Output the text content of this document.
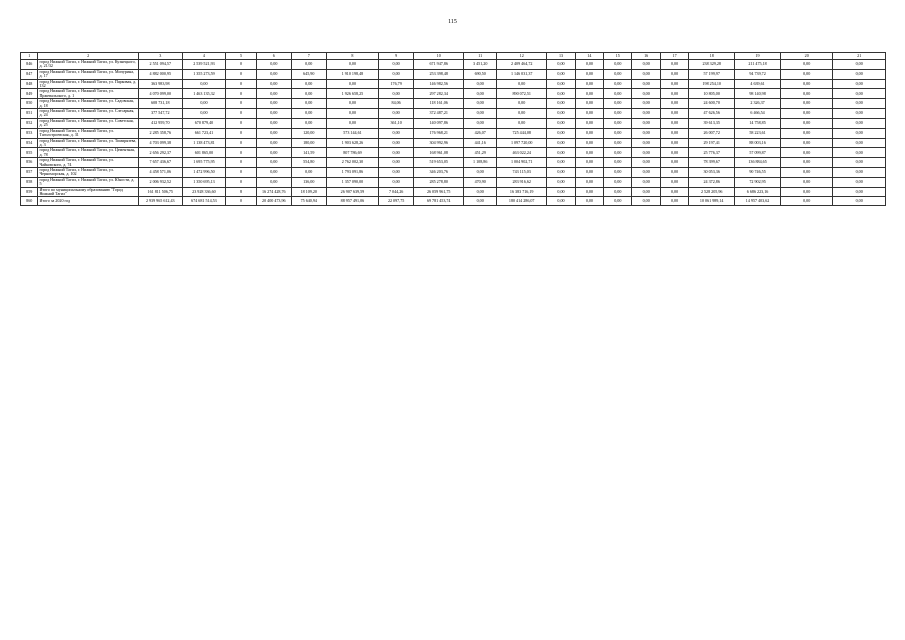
115
1	2	3	4	5	6	7	8	9	10	11	12	13	14	15	16	17	18	19	20	21
846	город Нижний Тагил, г. Нижний Тагил, ул. Кузнецкого, д. 21/32	2 551 094,57	2 539 521,93	0	0,00	0,00	0,00	0,00	671 947,86	3 451,20	2 409 464,72	0,00	0,00	0,00	0,00	0,00	238 329,28	211 475,18	0,00	0,00
847	город Нижний Тагил, г. Нижний Тагил, ул. Мичурина, д. 17	4 882 000,95	1 355 273,59	0	0,00	645,90	1 910 198,48	0,00	253 398,48	690,50	1 146 031,37	0,00	0,00	0,00	0,00	0,00	57 199,97	94 739,72	0,00	0,00
848	город Нижний Тагил, г. Нижний Тагил, ул. Парковая, д. 132	363 983,98	0,00	0	0,00	0,00	0,00	176,79	146 982,56	0,00	0,00	0,00	0,00	0,00	0,00	0,00	198 254,10	4 639,61	0,00	0,00
849	город Нижний Тагил, г. Нижний Тагил, ул. Пржевальского, д. 1	4 070 099,00	1 463 135,32	0	0,00	0,00	1 926 658,25	0,00	297 282,34	0,00	890 072,51	0,00	0,00	0,00	0,00	0,00	10 805,00	98 140,98	0,00	0,00
850	город Нижний Тагил, г. Нижний Тагил, ул. Садовская, д. 18	608 731,18	0,00	0	0,00	0,00	0,00	84,06	118 161,06	0,00	0,00	0,00	0,00	0,00	0,00	0,00	24 600,70	2 326,37	0,00	0,00
851	город Нижний Тагил, г. Нижний Тагил, ул. Слесарная, д. 24	377 547,72	0,00	0	0,00	0,00	0,00	0,00	372 487,21	0,00	0,00	0,00	0,00	0,00	0,00	0,00	47 626,56	6 466,54	0,00	0,00
852	город Нижний Тагил, г. Нижний Тагил, ул. Советская, д. 25	412 959,70	670 879,40	0	0,00	0,00	0,00	361,10	140 097,86	0,00	0,00	0,00	0,00	0,00	0,00	0,00	39 613,35	14 758,85	0,00	0,00
853	город Нижний Тагил, г. Нижний Тагил, ул. Тагилстроевская, д. 31	2 285 358,76	661 723,41	0	0,00	120,00	573 144,61	0,00	176 968,21	426,07	725 444,08	0,00	0,00	0,00	0,00	0,00	26 007,72	58 223,61	0,00	0,00
854	город Нижний Тагил, г. Нижний Тагил, ул. Тимирязева, д. 3	4 703 099,38	1 138 473,81	0	0,00	180,00	1 903 628,26	0,00	304 992,96	441,16	1 097 720,00	0,00	0,00	0,00	0,00	0,00	29 197,41	88 003,16	0,00	0,00
855	город Нижний Тагил, г. Нижний Тагил, ул. Цементная, д. 78	2 656 292,37	601 865,00	0	0,00	141,59	807 786,69	0,00	168 961,08	451,29	463 022,24	0,00	0,00	0,00	0,00	0,00	25 776,37	57 099,87	0,00	0,00
856	город Нижний Тагил, г. Нижний Тагил, ул. Чайковского, д. 74	7 657 436,67	1 695 775,95	0	0,00	554,80	2 762 002,30	0,00	519 653,05	1 108,86	1 004 902,71	0,00	0,00	0,00	0,00	0,00	78 399,67	136 884,65	0,00	0,00
857	город Нижний Тагил, г. Нижний Тагил, ул. Черноморская, д. 102	4 458 571,06	1 472 996,50	0	0,00	0,00	1 793 091,86	0,00	346 203,76	0,00	743 115,03	0,00	0,00	0,00	0,00	0,00	30 053,36	90 746,55	0,00	0,00
858	город Нижний Тагил, г. Нижний Тагил, ул. Юности, д. 5	2 006 932,52	1 350 695,13	0	0,00	136,00	1 357 090,00	0,00	285 278,80	470,90	283 916,62	0,00	0,00	0,00	0,00	0,00	24 372,86	72 902,95	0,00	0,00
859	Итого по муниципальному образованию "Город Нижний Тагил"	161 811 506,75	23 928 336,60	8	16 274 428,76	18 109,20	26 907 639,59	7 044,26	26 059 961,75	0,00	16 383 716,19	0,00	0,00	0,00	0,00	0,00	2 528 205,96	6 686 223,16	0,00	0,00
860	Итого за 2020 год	2 939 965 612,43	674 681 514,53	0	20 400 473,96	75 640,94	88 957 491,06	22 097,75	69 781 453,74	0,00	180 414 286,07	0,00	0,00	0,00	0,00	0,00	10 061 989,14	14 957 403,62	0,00	0,00
